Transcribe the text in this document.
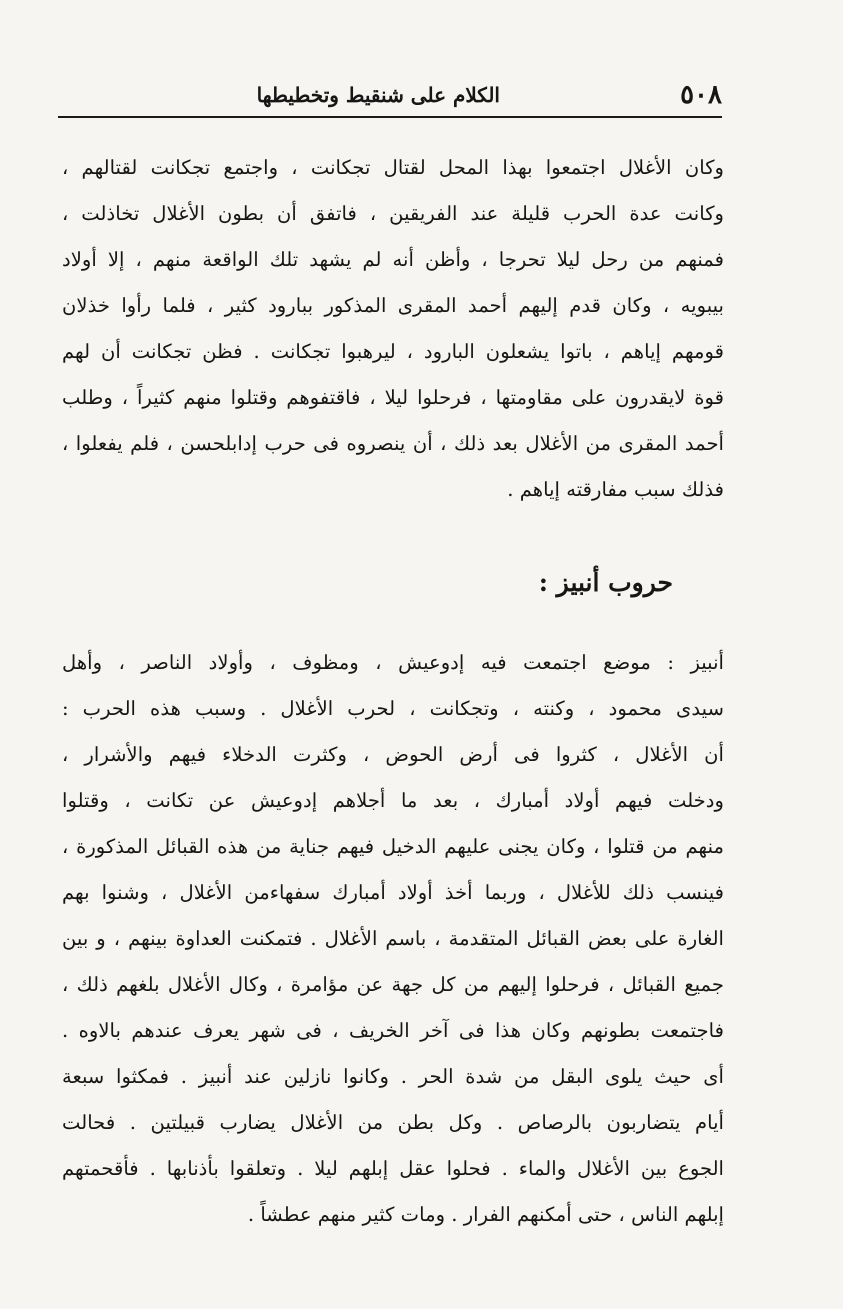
٥٠٨
الكلام على شنقيط وتخطيطها
وكان الأغلال اجتمعوا بهذا المحل لقتال تجكانت ، واجتمع تجكانت لقتالهم ،
وكانت عدة الحرب قليلة عند الفريقين ، فاتفق أن بطون الأغلال تخاذلت ،
فمنهم من رحل ليلا تحرجا ، وأظن أنه لم يشهد تلك الواقعة منهم ، إلا أولاد
بيبويه ، وكان قدم إليهم أحمد المقرى المذكور ببارود كثير ، فلما رأوا خذلان
قومهم إياهم ، باتوا يشعلون البارود ، ليرهبوا تجكانت . فظن تجكانت أن لهم
قوة لايقدرون على مقاومتها ، فرحلوا ليلا ، فاقتفوهم وقتلوا منهم كثيراً ، وطلب
أحمد المقرى من الأغلال بعد ذلك ، أن ينصروه فى حرب إدابلحسن ، فلم يفعلوا ،
فذلك سبب مفارقته إياهم .
حروب أنبيز :
أنبيز : موضع اجتمعت فيه إدوعيش ، ومظوف ، وأولاد الناصر ، وأهل
سيدى محمود ، وكنته ، وتجكانت ، لحرب الأغلال . وسبب هذه الحرب :
أن الأغلال ، كثروا فى أرض الحوض ، وكثرت الدخلاء فيهم والأشرار ،
ودخلت فيهم أولاد أمبارك ، بعد ما أجلاهم إدوعيش عن تكانت ، وقتلوا
منهم من قتلوا ، وكان يجنى عليهم الدخيل فيهم جناية من هذه القبائل المذكورة ،
فينسب ذلك للأغلال ، وربما أخذ أولاد أمبارك سفهاءمن الأغلال ، وشنوا بهم
الغارة على بعض القبائل المتقدمة ، باسم الأغلال . فتمكنت العداوة بينهم ، و بين
جميع القبائل ، فرحلوا إليهم من كل جهة عن مؤامرة ، وكال الأغلال بلغهم ذلك ،
فاجتمعت بطونهم وكان هذا فى آخر الخريف ، فى شهر يعرف عندهم بالاوه .
أى حيث يلوى البقل من شدة الحر . وكانوا نازلين عند أنبيز . فمكثوا سبعة
أيام يتضاربون بالرصاص . وكل بطن من الأغلال يضارب قبيلتين . فحالت
الجوع بين الأغلال والماء . فحلوا عقل إبلهم ليلا . وتعلقوا بأذنابها . فأقحمتهم
إبلهم الناس ، حتى أمكنهم الفرار . ومات كثير منهم عطشاً .
